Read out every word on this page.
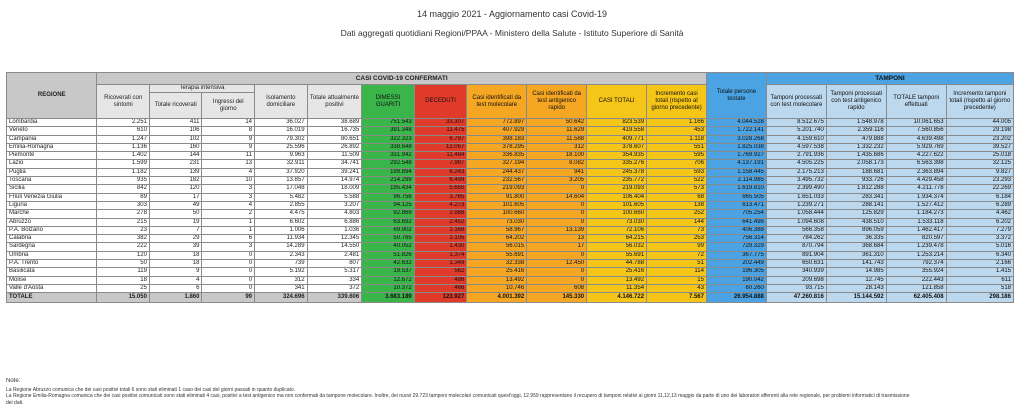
14 maggio 2021 - Aggiornamento casi Covid-19
Dati aggregati quotidiani Regioni/PPAA - Ministero della Salute - Istituto Superiore di Sanità
REGIONE	CASI COVID-19 CONFERMATI											Totale persone testate	TAMPONI			
	Ricoverati con sintomi	Terapia intensiva		Isolamento domiciliare	Totale attualmente positivi	DIMESSI GUARITI	DECEDUTI	Casi identificati da test molecolare	Casi identificati da test antigenico rapido	CASI TOTALI	Incremento casi totali (rispetto al giorno precedente)		Tamponi processati con test molecolare	Tamponi processati con test antigenico rapido	TOTALE tamponi effettuati	Incremento tamponi totali (rispetto al giorno precedente)
		Totale ricoverati	Ingressi del giorno													
Lombardia	2.251	411	14	36.027	38.689	751.543	33.307	772.897	50.642	823.539	1.166	4.044.528	8.512.675	1.548.978	10.061.653	44.005
Veneto	610	106	8	16.019	16.735	391.348	11.475	407.929	11.629	419.558	453	1.722.141	5.201.740	2.359.116	7.560.856	29.198
Campania	1.247	102	9	79.302	80.651	322.323	6.797	398.183	11.588	409.771	1.118	3.028.268	4.159.610	479.888	4.639.498	23.202
Emilia-Romagna	1.136	160	9	25.596	26.892	338.648	13.067	378.295	312	378.607	551	1.825.038	4.597.538	1.332.232	5.929.769	39.527
Piemonte	1.402	144	11	9.963	11.509	331.942	11.484	336.835	18.100	354.935	595	1.769.927	2.791.936	1.435.686	4.227.622	25.018
Lazio	1.599	231	13	32.911	34.741	292.548	7.987	327.194	8.082	335.276	706	4.137.191	4.505.225	2.058.173	6.563.398	32.125
Puglia	1.182	139	4	37.920	39.241	199.894	6.243	244.437	941	245.378	593	1.158.445	2.175.213	188.681	2.363.894	9.827
Toscana	935	182	10	13.857	14.974	214.299	6.499	232.567	3.205	235.772	522	2.114.985	3.495.732	933.726	4.429.458	23.293
Sicilia	842	120	3	17.048	18.009	195.434	5.650	219.093	0	219.093	573	1.619.810	2.399.490	1.812.288	4.211.778	22.269
Friuli Venezia Giulia	89	17	3	5.482	5.588	96.756	3.765	91.800	14.604	106.404	68	665.505	1.651.033	283.341	1.934.374	6.184
Liguria	303	49	4	2.855	3.207	94.125	4.273	101.605	0	101.605	138	613.471	1.239.271	288.141	1.527.412	6.289
Marche	278	50	2	4.475	4.803	92.869	2.988	100.660	0	100.660	252	705.254	1.058.444	125.829	1.184.273	4.462
Abruzzo	215	19	1	6.602	6.886	63.692	2.452	73.030	0	73.030	144	641.498	1.094.608	438.510	1.533.118	6.202
P.A. Bolzano	23	7	1	1.006	1.036	69.902	1.168	58.967	13.139	72.106	73	406.388	566.358	896.059	1.462.417	7.279
Calabria	382	29	6	11.934	12.345	50.765	1.105	64.202	13	64.215	253	756.314	784.262	36.335	820.597	3.372
Sardegna	222	39	3	14.289	14.550	40.052	1.430	56.015	17	56.032	99	729.329	870.794	368.684	1.239.478	5.016
Umbria	120	18	0	2.343	2.481	51.826	1.374	55.691	0	55.691	72	367.775	891.904	361.310	1.253.214	6.340
P.A. Trento	50	18	0	739	807	42.632	1.349	32.338	12.450	44.788	51	202.449	650.631	141.743	792.374	2.166
Basilicata	119	9	0	5.192	5.317	19.537	562	25.416	0	25.416	114	196.305	340.939	14.985	355.924	1.415
Molise	18	4	0	312	334	12.672	486	13.492	0	13.492	15	190.042	209.698	12.745	222.443	611
Valle d'Aosta	25	6	0	341	372	10.372	466	10.746	608	11.354	43	60.260	93.715	28.143	121.858	518
TOTALE	15.050	1.860	99	324.696	339.606	3.683.189	123.927	4.001.392	145.330	4.146.722	7.567	26.954.888	47.260.816	15.144.592	62.405.408	298.186
Note:
La Regione Abruzzo comunica che dei casi positivi totali 6 sono stati eliminati 1 caso dei casi del giorni passati in quanto duplicato.
La Regione Emilia-Romagna comunica che dei casi positivi comunicati sono stati eliminati 4 casi, positivi a test antigenico ma non confermati da tampone molecolare. Inoltre, dei nuovi 29.723 tamponi molecolari comunicati quest'oggi, 12.959 rappresentano il recupero di tamponi relativi ai giorni 11,12,13 maggio da parte di uno dei laboratori afferenti alla rete regionale, per problemi informatici di trasmissione
dei dati.
